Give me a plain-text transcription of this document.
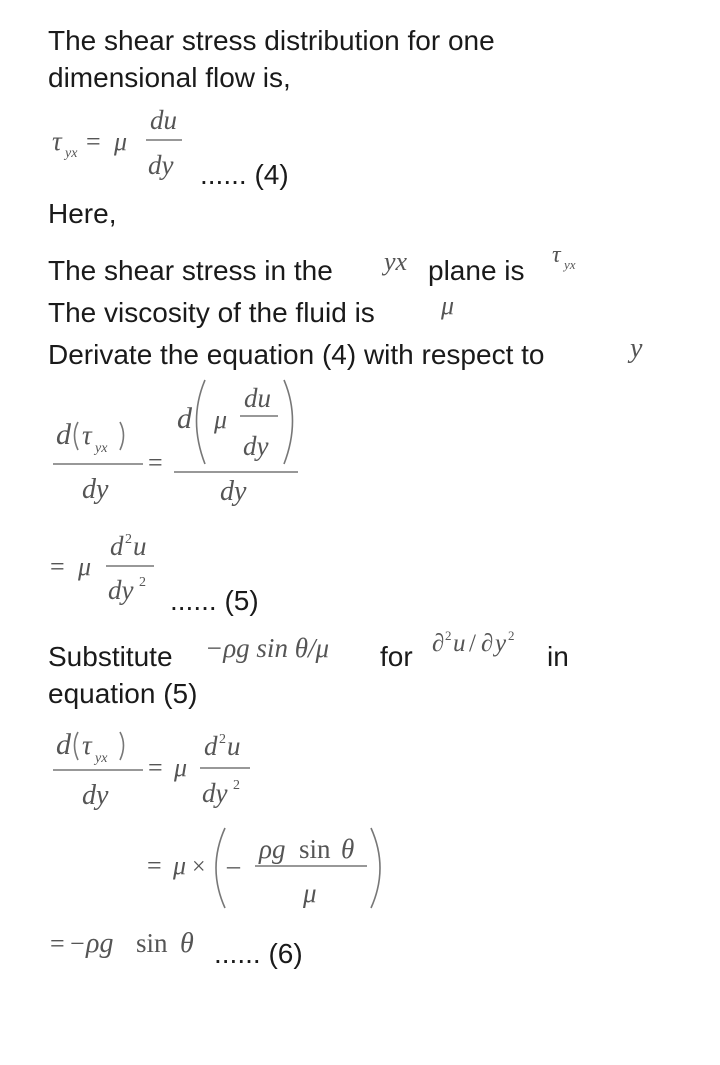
The shear stress distribution for one
dimensional flow is,
τ yx = μ
du
dy ...... (4)
Here,
The shear stress in the yx plane is τ yx
The viscosity of the fluid is	μ
Derivate the equation (4) with respect to	y
d τ yx
dy
=
d μ
du
dy
dy
= μ
d 2 u
dy 2
...... (5)
Substitute −ρg sin θ/μ for ∂ 2 u / ∂ y 2
in
equation (5)
d τ yx
dy
= μ
d 2 u
dy 2
= μ × –
ρg sin θ
μ
= − ρg sin θ ...... (6)
